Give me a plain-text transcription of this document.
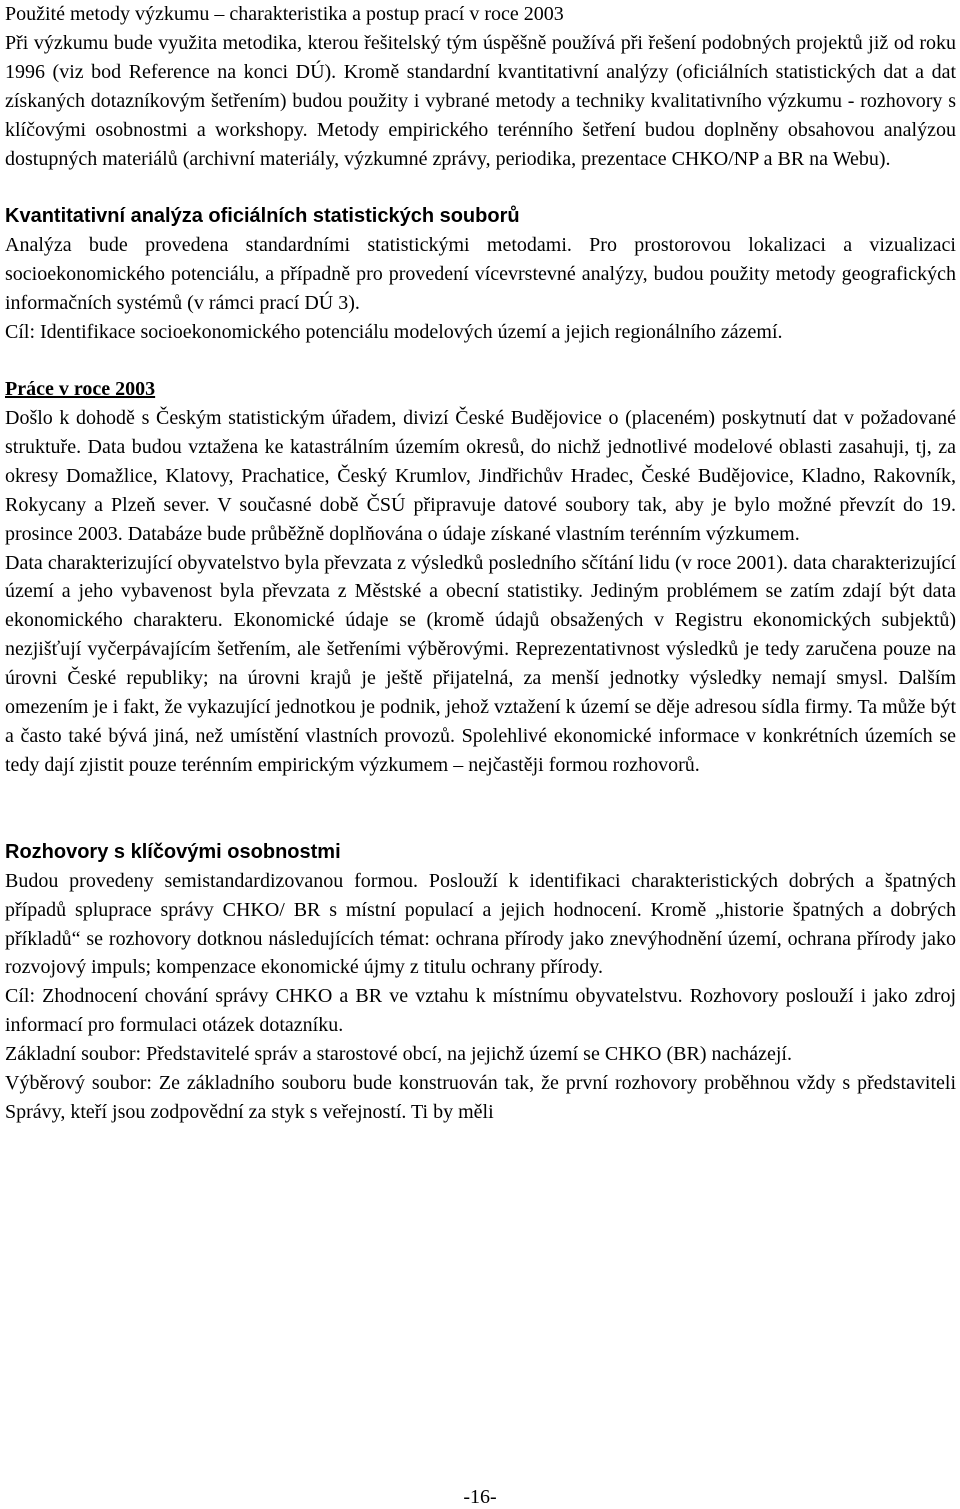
Použité metody výzkumu – charakteristika a postup prací v roce 2003

Při výzkumu bude využita metodika, kterou řešitelský tým úspěšně používá při řešení podobných projektů již od roku 1996 (viz bod Reference na konci DÚ). Kromě standardní kvantitativní analýzy (oficiálních statistických dat a dat získaných dotazníkovým šetřením) budou použity i vybrané metody a techniky kvalitativního výzkumu - rozhovory s klíčovými osobnostmi a workshopy. Metody empirického terénního šetření budou doplněny obsahovou analýzou dostupných materiálů (archivní materiály, výzkumné zprávy, periodika, prezentace CHKO/NP a BR na Webu).

Kvantitativní analýza oficiálních statistických souborů

Analýza bude provedena standardními statistickými metodami. Pro prostorovou lokalizaci a vizualizaci socioekonomického potenciálu, a případně pro provedení vícevrstevné analýzy, budou použity metody geografických informačních systémů (v rámci prací DÚ 3).

Cíl: Identifikace socioekonomického potenciálu modelových území a jejich regionálního zázemí.

Práce v roce 2003

Došlo k dohodě s Českým statistickým úřadem, divizí České Budějovice o (placeném) poskytnutí dat v požadované struktuře. Data budou vztažena ke katastrálním územím okresů, do nichž jednotlivé modelové oblasti zasahuji, tj, za okresy Domažlice, Klatovy, Prachatice, Český Krumlov, Jindřichův Hradec, České Budějovice, Kladno, Rakovník, Rokycany a Plzeň sever. V současné době ČSÚ připravuje datové soubory tak, aby je bylo možné převzít do 19. prosince 2003. Databáze bude průběžně doplňována o údaje získané vlastním terénním výzkumem.

Data charakterizující obyvatelstvo byla převzata z výsledků posledního sčítání lidu (v roce 2001). data charakterizující území a jeho vybavenost byla převzata z Městské a obecní statistiky. Jediným problémem se zatím zdají být data ekonomického charakteru. Ekonomické údaje se (kromě údajů obsažených v Registru ekonomických subjektů) nezjišťují vyčerpávajícím šetřením, ale šetřeními výběrovými. Reprezentativnost výsledků je tedy zaručena pouze na úrovni České republiky; na úrovni krajů je ještě přijatelná, za menší jednotky výsledky nemají smysl. Dalším omezením je i fakt, že vykazující jednotkou je podnik, jehož vztažení k území se děje adresou sídla firmy. Ta může být a často také bývá jiná, než umístění vlastních provozů. Spolehlivé ekonomické informace v konkrétních územích se tedy dají zjistit pouze terénním empirickým výzkumem – nejčastěji formou rozhovorů.

Rozhovory s klíčovými osobnostmi

Budou provedeny semistandardizovanou formou. Poslouží k identifikaci charakteristických dobrých a špatných případů spluprace správy CHKO/ BR s místní populací a jejich hodnocení. Kromě „historie špatných a dobrých příkladů“ se rozhovory dotknou následujících témat: ochrana přírody jako znevýhodnění území, ochrana přírody jako rozvojový impuls; kompenzace ekonomické újmy z titulu ochrany přírody.

Cíl: Zhodnocení chování správy CHKO a BR ve vztahu k místnímu obyvatelstvu. Rozhovory poslouží i jako zdroj informací pro formulaci otázek dotazníku.

Základní soubor: Představitelé správ a starostové obcí, na jejichž území se CHKO (BR) nacházejí.

Výběrový soubor: Ze základního souboru bude konstruován tak, že první rozhovory proběhnou vždy s představiteli Správy, kteří jsou zodpovědní za styk s veřejností. Ti by měli

-16-
